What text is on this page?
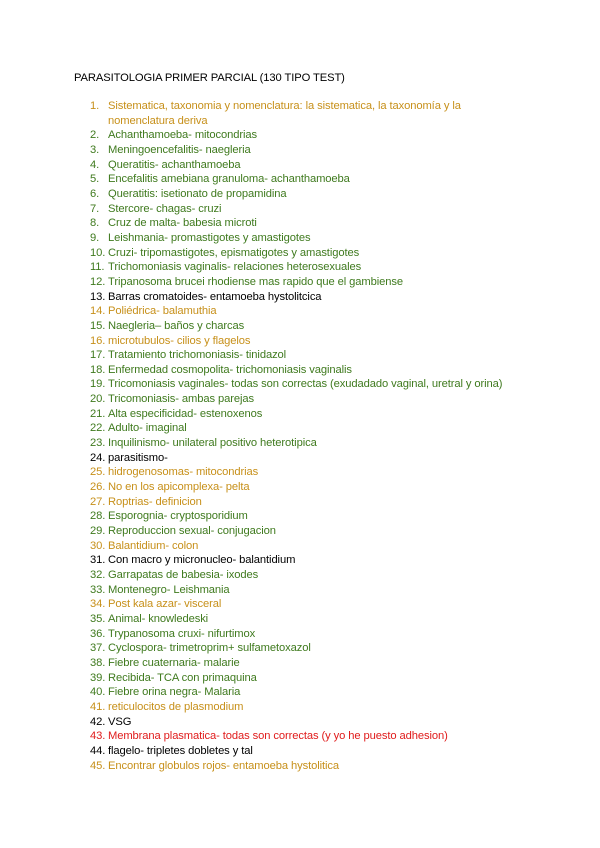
PARASITOLOGIA PRIMER PARCIAL (130 TIPO TEST)
1. Sistematica, taxonomia y nomenclatura: la sistematica, la taxonomía y la nomenclatura deriva
2. Achanthamoeba- mitocondrias
3. Meningoencefalitis- naegleria
4. Queratitis- achanthamoeba
5. Encefalitis amebiana granuloma- achanthamoeba
6. Queratitis: isetionato de propamidina
7. Stercore- chagas- cruzi
8. Cruz de malta- babesia microti
9. Leishmania- promastigotes y amastigotes
10. Cruzi- tripomastigotes, epismatigotes y amastigotes
11. Trichomoniasis vaginalis- relaciones heterosexuales
12. Tripanosoma brucei rhodiense mas rapido que el gambiense
13. Barras cromatoides- entamoeba hystolitcica
14. Poliédrica- balamuthia
15. Naegleria– baños y charcas
16. microtubulos- cilios y flagelos
17. Tratamiento trichomoniasis- tinidazol
18. Enfermedad cosmopolita- trichomoniasis vaginalis
19. Tricomoniasis vaginales- todas son correctas (exudadado vaginal, uretral y orina)
20. Tricomoniasis- ambas parejas
21. Alta especificidad- estenoxenos
22. Adulto- imaginal
23. Inquilinismo- unilateral positivo heterotipica
24. parasitismo-
25. hidrogenosomas- mitocondrias
26. No en los apicomplexa- pelta
27. Roptrias- definicion
28. Esporognia- cryptosporidium
29. Reproduccion sexual- conjugacion
30. Balantidium- colon
31. Con macro y micronucleo- balantidium
32. Garrapatas de babesia- ixodes
33. Montenegro- Leishmania
34. Post kala azar- visceral
35. Animal- knowledeski
36. Trypanosoma cruxi- nifurtimox
37. Cyclospora- trimetroprim+ sulfametoxazol
38. Fiebre cuaternaria- malarie
39. Recibida- TCA con primaquina
40. Fiebre orina negra- Malaria
41. reticulocitos de plasmodium
42. VSG
43. Membrana plasmatica- todas son correctas (y yo he puesto adhesion)
44. flagelo- tripletes dobletes y tal
45. Encontrar globulos rojos- entamoeba hystolitica
